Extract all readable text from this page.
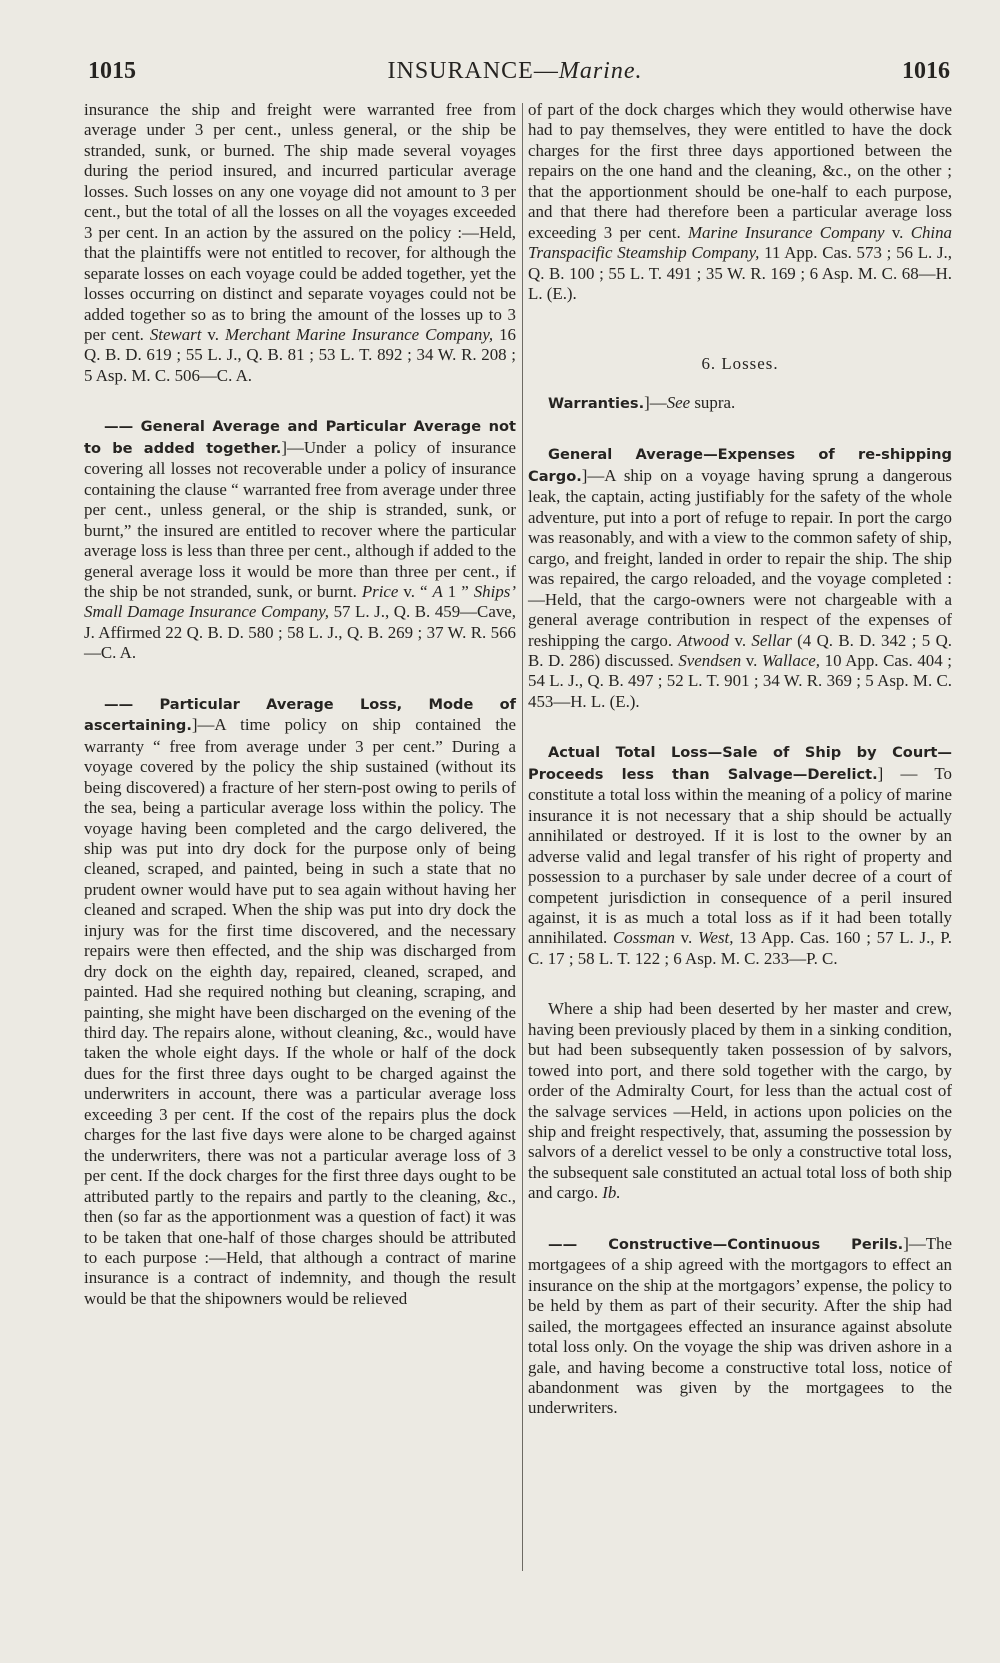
1015	INSURANCE—Marine.	1016

insurance the ship and freight were warranted free from average under 3 per cent., unless general, or the ship be stranded, sunk, or burned. The ship made several voyages during the period insured, and incurred particular average losses. Such losses on any one voyage did not amount to 3 per cent., but the total of all the losses on all the voyages exceeded 3 per cent. In an action by the assured on the policy :—Held, that the plaintiffs were not entitled to recover, for although the separate losses on each voyage could be added together, yet the losses occurring on distinct and separate voyages could not be added together so as to bring the amount of the losses up to 3 per cent. Stewart v. Merchant Marine Insurance Company, 16 Q. B. D. 619 ; 55 L. J., Q. B. 81 ; 53 L. T. 892 ; 34 W. R. 208 ; 5 Asp. M. C. 506—C. A.

—— General Average and Particular Average not to be added together.]—Under a policy of insurance covering all losses not recoverable under a policy of insurance containing the clause “ warranted free from average under three per cent., unless general, or the ship is stranded, sunk, or burnt,” the insured are entitled to recover where the particular average loss is less than three per cent., although if added to the general average loss it would be more than three per cent., if the ship be not stranded, sunk, or burnt. Price v. “ A 1 ” Ships’ Small Damage Insurance Company, 57 L. J., Q. B. 459—Cave, J. Affirmed 22 Q. B. D. 580 ; 58 L. J., Q. B. 269 ; 37 W. R. 566—C. A.

—— Particular Average Loss, Mode of ascertaining.]—A time policy on ship contained the warranty “ free from average under 3 per cent.” During a voyage covered by the policy the ship sustained (without its being discovered) a fracture of her stern-post owing to perils of the sea, being a particular average loss within the policy. The voyage having been completed and the cargo delivered, the ship was put into dry dock for the purpose only of being cleaned, scraped, and painted, being in such a state that no prudent owner would have put to sea again without having her cleaned and scraped. When the ship was put into dry dock the injury was for the first time discovered, and the necessary repairs were then effected, and the ship was discharged from dry dock on the eighth day, repaired, cleaned, scraped, and painted. Had she required nothing but cleaning, scraping, and painting, she might have been discharged on the evening of the third day. The repairs alone, without cleaning, &c., would have taken the whole eight days. If the whole or half of the dock dues for the first three days ought to be charged against the underwriters in account, there was a particular average loss exceeding 3 per cent. If the cost of the repairs plus the dock charges for the last five days were alone to be charged against the underwriters, there was not a particular average loss of 3 per cent. If the dock charges for the first three days ought to be attributed partly to the repairs and partly to the cleaning, &c., then (so far as the apportionment was a question of fact) it was to be taken that one-half of those charges should be attributed to each purpose :—Held, that although a contract of marine insurance is a contract of indemnity, and though the result would be that the shipowners would be relieved

of part of the dock charges which they would otherwise have had to pay themselves, they were entitled to have the dock charges for the first three days apportioned between the repairs on the one hand and the cleaning, &c., on the other ; that the apportionment should be one-half to each purpose, and that there had therefore been a particular average loss exceeding 3 per cent. Marine Insurance Company v. China Transpacific Steamship Company, 11 App. Cas. 573 ; 56 L. J., Q. B. 100 ; 55 L. T. 491 ; 35 W. R. 169 ; 6 Asp. M. C. 68—H. L. (E.).

6. Losses.

Warranties.]—See supra.

General Average—Expenses of re-shipping Cargo.]—A ship on a voyage having sprung a dangerous leak, the captain, acting justifiably for the safety of the whole adventure, put into a port of refuge to repair. In port the cargo was reasonably, and with a view to the common safety of ship, cargo, and freight, landed in order to repair the ship. The ship was repaired, the cargo reloaded, and the voyage completed :—Held, that the cargo-owners were not chargeable with a general average contribution in respect of the expenses of reshipping the cargo. Atwood v. Sellar (4 Q. B. D. 342 ; 5 Q. B. D. 286) discussed. Svendsen v. Wallace, 10 App. Cas. 404 ; 54 L. J., Q. B. 497 ; 52 L. T. 901 ; 34 W. R. 369 ; 5 Asp. M. C. 453—H. L. (E.).

Actual Total Loss—Sale of Ship by Court—Proceeds less than Salvage—Derelict.] — To constitute a total loss within the meaning of a policy of marine insurance it is not necessary that a ship should be actually annihilated or destroyed. If it is lost to the owner by an adverse valid and legal transfer of his right of property and possession to a purchaser by sale under decree of a court of competent jurisdiction in consequence of a peril insured against, it is as much a total loss as if it had been totally annihilated. Cossman v. West, 13 App. Cas. 160 ; 57 L. J., P. C. 17 ; 58 L. T. 122 ; 6 Asp. M. C. 233—P. C.

Where a ship had been deserted by her master and crew, having been previously placed by them in a sinking condition, but had been subsequently taken possession of by salvors, towed into port, and there sold together with the cargo, by order of the Admiralty Court, for less than the actual cost of the salvage services —Held, in actions upon policies on the ship and freight respectively, that, assuming the possession by salvors of a derelict vessel to be only a constructive total loss, the subsequent sale constituted an actual total loss of both ship and cargo. Ib.

—— Constructive—Continuous Perils.]—The mortgagees of a ship agreed with the mortgagors to effect an insurance on the ship at the mortgagors’ expense, the policy to be held by them as part of their security. After the ship had sailed, the mortgagees effected an insurance against absolute total loss only. On the voyage the ship was driven ashore in a gale, and having become a constructive total loss, notice of abandonment was given by the mortgagees to the underwriters.
